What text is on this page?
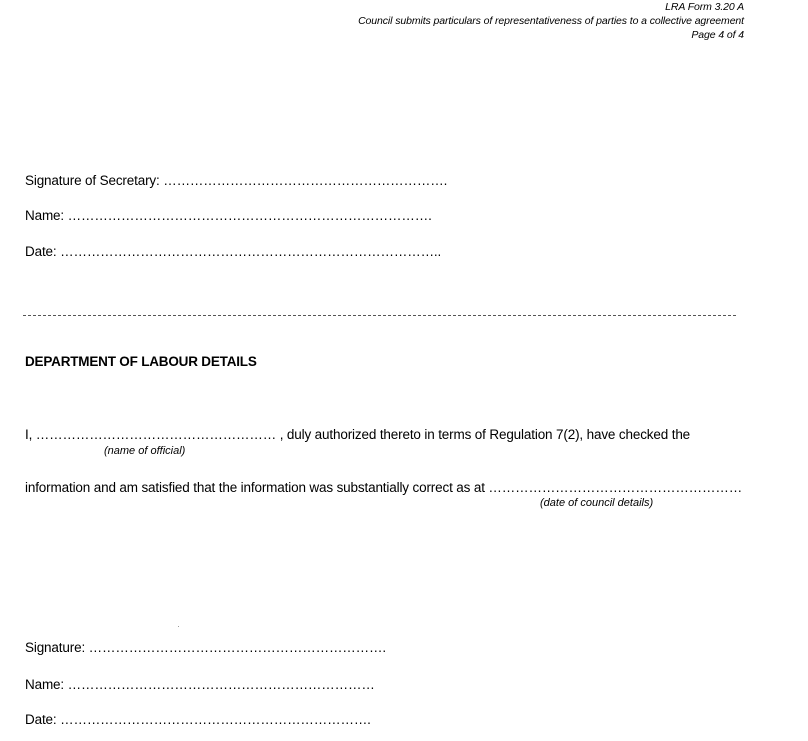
LRA Form 3.20 A
Council submits particulars of representativeness of parties to a collective agreement
Page 4 of 4
Signature of Secretary: ……………………………………………………….
Name: ……………………………………………………………………….
Date: …………………………………………………………………………..
DEPARTMENT OF LABOUR DETAILS
I, ……………………………………………… , duly authorized thereto in terms of Regulation 7(2), have checked the
(name of official)
information and am satisfied that the information was substantially correct as at …………………………………………………
(date of council details)
Signature: ………………………………………………………….
Name: ……………………………………………………………
Date: …………………………………………………………….
